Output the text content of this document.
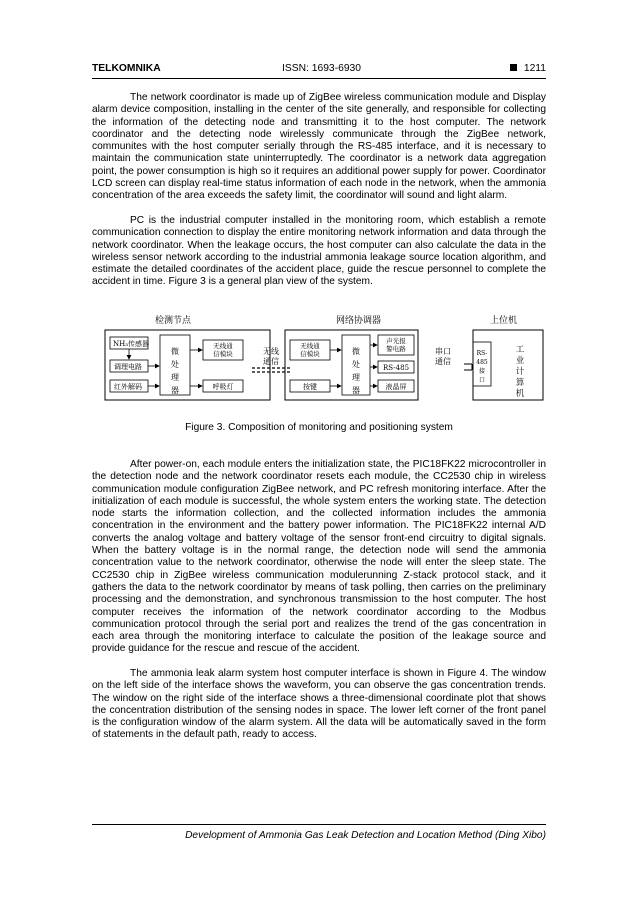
TELKOMNIKA	ISSN: 1693-6930	1211

The network coordinator is made up of ZigBee wireless communication module and Display alarm device composition, installing in the center of the site generally, and responsible for collecting the information of the detecting node and transmitting it to the host computer. The network coordinator and the detecting node wirelessly communicate through the ZigBee network, communites with the host computer serially through the RS-485 interface, and it is necessary to maintain the communication state uninterruptedly. The coordinator is a network data aggregation point, the power consumption is high so it requires an additional power supply for power. Coordinator LCD screen can display real-time status information of each node in the network, when the ammonia concentration of the area exceeds the safety limit, the coordinator will sound and light alarm.

PC is the industrial computer installed in the monitoring room, which establish a remote communication connection to display the entire monitoring network information and data through the network coordinator. When the leakage occurs, the host computer can also calculate the data in the wireless sensor network according to the industrial ammonia leakage source location algorithm, and estimate the detailed coordinates of the accident place, guide the rescue personnel to complete the accident in time. Figure 3 is a general plan view of the system.

检测节点	网络协调器	上位机
NH₃传感器
调理电路
红外解码
微处理器
无线通信模块
呼吸灯
无线通信
无线通信模块
按键
微处理器
声光报警电路
RS-485
液晶屏
串口通信
RS-485 接口
工业计算机
Figure 3. Composition of monitoring and positioning system

After power-on, each module enters the initialization state, the PIC18FK22 microcontroller in the detection node and the network coordinator resets each module, the CC2530 chip in wireless communication module configuration ZigBee network, and PC refresh monitoring interface. After the initialization of each module is successful, the whole system enters the working state. The detection node starts the information collection, and the collected information includes the ammonia concentration in the environment and the battery power information. The PIC18FK22 internal A/D converts the analog voltage and battery voltage of the sensor front-end circuitry to digital signals. When the battery voltage is in the normal range, the detection node will send the ammonia concentration value to the network coordinator, otherwise the node will enter the sleep state. The CC2530 chip in ZigBee wireless communication modulerunning Z-stack protocol stack, and it gathers the data to the network coordinator by means of task polling, then carries on the preliminary processing and the demonstration, and synchronous transmission to the host computer. The host computer receives the information of the network coordinator according to the Modbus communication protocol through the serial port and realizes the trend of the gas concentration in each area through the monitoring interface to calculate the position of the leakage source and provide guidance for the rescue and rescue of the accident.

The ammonia leak alarm system host computer interface is shown in Figure 4. The window on the left side of the interface shows the waveform, you can observe the gas concentration trends. The window on the right side of the interface shows a three-dimensional coordinate plot that shows the concentration distribution of the sensing nodes in space. The lower left corner of the front panel is the configuration window of the alarm system. All the data will be automatically saved in the form of statements in the default path, ready to access.

Development of Ammonia Gas Leak Detection and Location Method (Ding Xibo)
